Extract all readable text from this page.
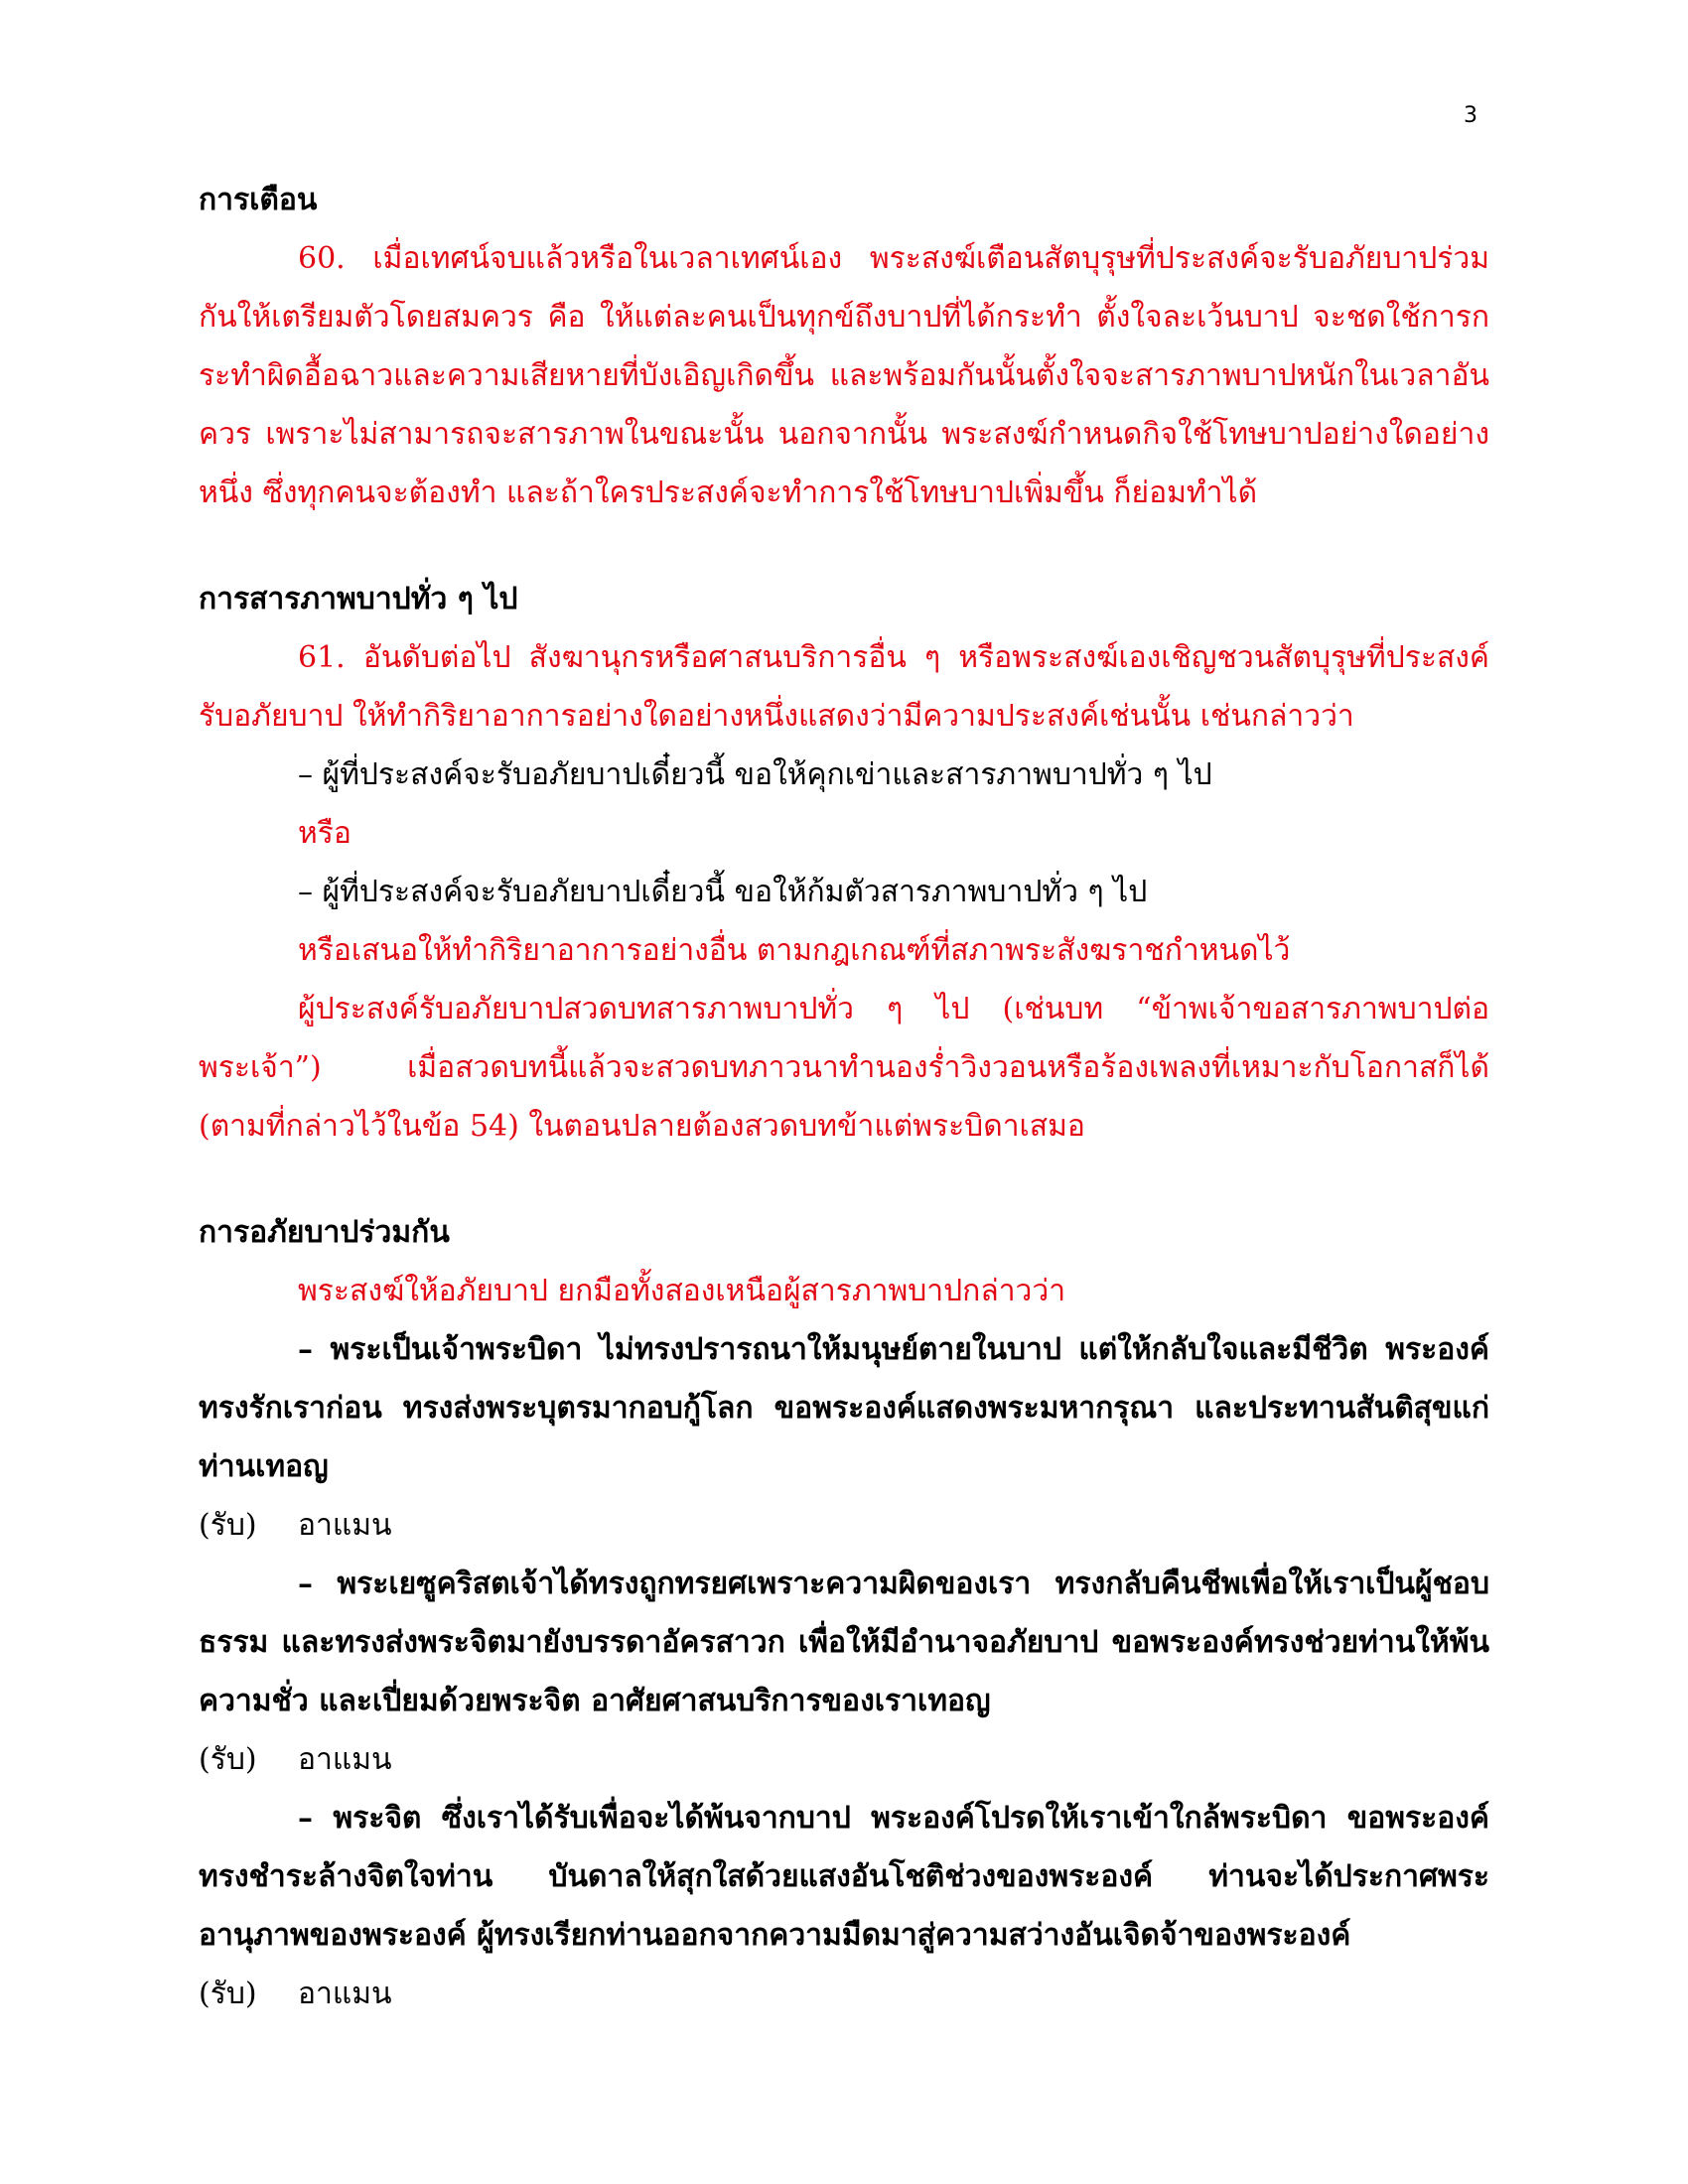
3

การเตือน

60. เมื่อเทศน์จบแล้วหรือในเวลาเทศน์เอง พระสงฆ์เตือนสัตบุรุษที่ประสงค์จะรับอภัยบาปร่วมกันให้เตรียมตัวโดยสมควร คือ ให้แต่ละคนเป็นทุกข์ถึงบาปที่ได้กระทำ ตั้งใจละเว้นบาป จะชดใช้การกระทำผิดอื้อฉาวและความเสียหายที่บังเอิญเกิดขึ้น และพร้อมกันนั้นตั้งใจจะสารภาพบาปหนักในเวลาอันควร เพราะไม่สามารถจะสารภาพในขณะนั้น นอกจากนั้น พระสงฆ์กำหนดกิจใช้โทษบาปอย่างใดอย่างหนึ่ง ซึ่งทุกคนจะต้องทำ และถ้าใครประสงค์จะทำการใช้โทษบาปเพิ่มขึ้น ก็ย่อมทำได้

การสารภาพบาปทั่ว ๆ ไป

61. อันดับต่อไป สังฆานุกรหรือศาสนบริการอื่น ๆ หรือพระสงฆ์เองเชิญชวนสัตบุรุษที่ประสงค์รับอภัยบาป ให้ทำกิริยาอาการอย่างใดอย่างหนึ่งแสดงว่ามีความประสงค์เช่นนั้น เช่นกล่าวว่า

– ผู้ที่ประสงค์จะรับอภัยบาปเดี๋ยวนี้ ขอให้คุกเข่าและสารภาพบาปทั่ว ๆ ไป

หรือ

– ผู้ที่ประสงค์จะรับอภัยบาปเดี๋ยวนี้ ขอให้ก้มตัวสารภาพบาปทั่ว ๆ ไป

หรือเสนอให้ทำกิริยาอาการอย่างอื่น ตามกฎเกณฑ์ที่สภาพระสังฆราชกำหนดไว้

ผู้ประสงค์รับอภัยบาปสวดบทสารภาพบาปทั่ว ๆ ไป (เช่นบท “ข้าพเจ้าขอสารภาพบาปต่อพระเจ้า”) เมื่อสวดบทนี้แล้วจะสวดบทภาวนาทำนองร่ำวิงวอนหรือร้องเพลงที่เหมาะกับโอกาสก็ได้ (ตามที่กล่าวไว้ในข้อ 54) ในตอนปลายต้องสวดบทข้าแต่พระบิดาเสมอ

การอภัยบาปร่วมกัน

พระสงฆ์ให้อภัยบาป ยกมือทั้งสองเหนือผู้สารภาพบาปกล่าวว่า

– พระเป็นเจ้าพระบิดา ไม่ทรงปรารถนาให้มนุษย์ตายในบาป แต่ให้กลับใจและมีชีวิต พระองค์ทรงรักเราก่อน ทรงส่งพระบุตรมากอบกู้โลก ขอพระองค์แสดงพระมหากรุณา และประทานสันติสุขแก่ท่านเทอญ

(รับ)	อาแมน

– พระเยซูคริสตเจ้าได้ทรงถูกทรยศเพราะความผิดของเรา ทรงกลับคืนชีพเพื่อให้เราเป็นผู้ชอบธรรม และทรงส่งพระจิตมายังบรรดาอัครสาวก เพื่อให้มีอำนาจอภัยบาป ขอพระองค์ทรงช่วยท่านให้พ้นความชั่ว และเปี่ยมด้วยพระจิต อาศัยศาสนบริการของเราเทอญ

(รับ)	อาแมน

– พระจิต ซึ่งเราได้รับเพื่อจะได้พ้นจากบาป พระองค์โปรดให้เราเข้าใกล้พระบิดา ขอพระองค์ทรงชำระล้างจิตใจท่าน บันดาลให้สุกใสด้วยแสงอันโชติช่วงของพระองค์ ท่านจะได้ประกาศพระอานุภาพของพระองค์ ผู้ทรงเรียกท่านออกจากความมืดมาสู่ความสว่างอันเจิดจ้าของพระองค์

(รับ)	อาแมน
